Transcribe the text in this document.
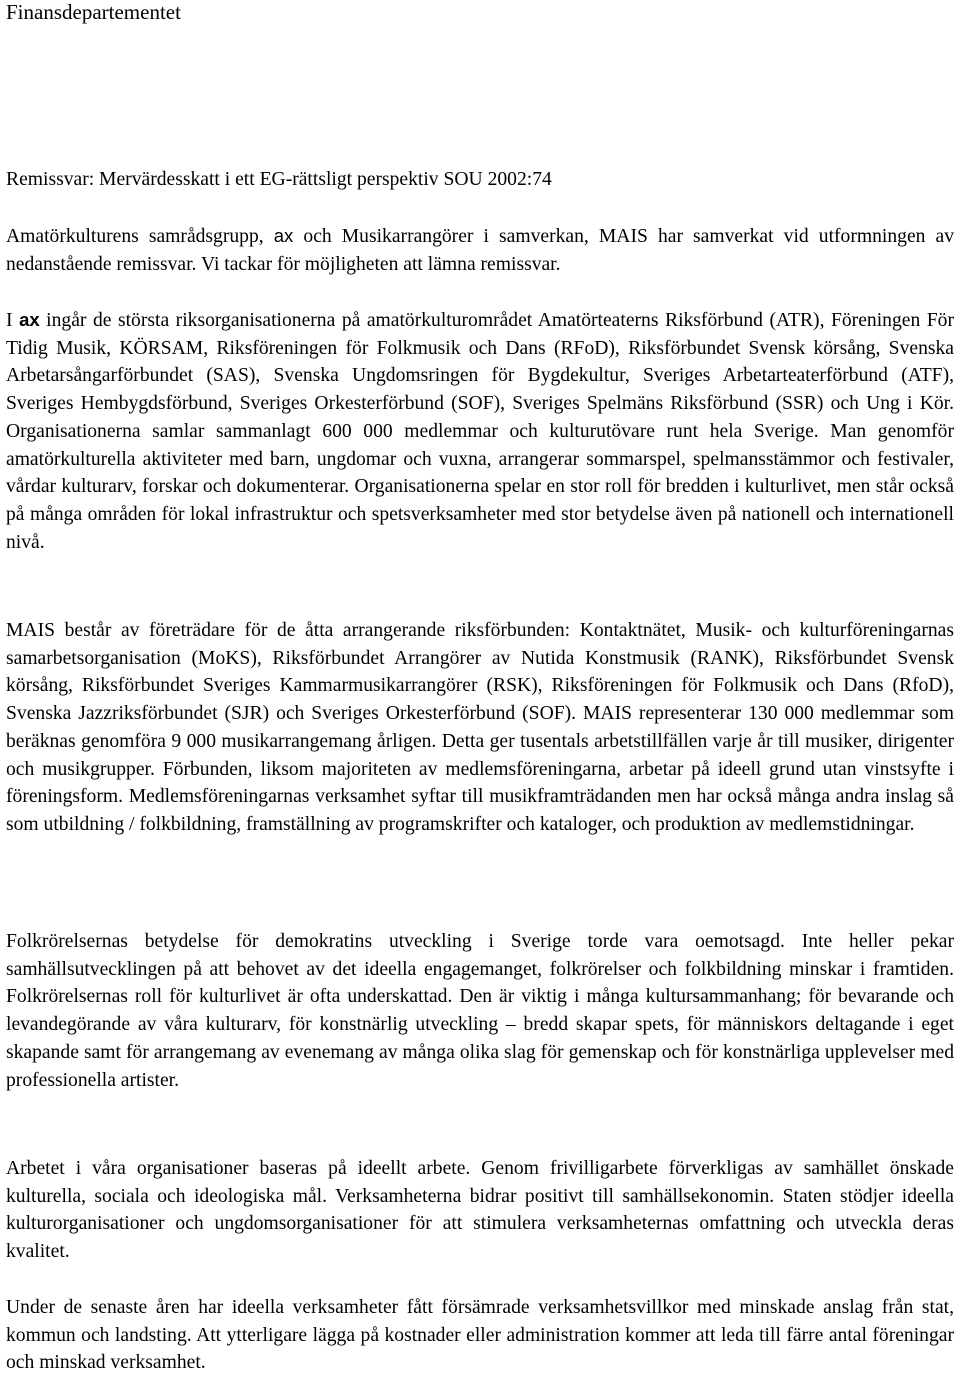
Finansdepartementet

Remissvar: Mervärdesskatt i ett EG-rättsligt perspektiv SOU 2002:74

Amatörkulturens samrådsgrupp, ax och Musikarrangörer i samverkan, MAIS har samverkat vid utformningen av nedanstående remissvar. Vi tackar för möjligheten att lämna remissvar.

I ax ingår de största riksorganisationerna på amatörkulturområdet Amatörteaterns Riksförbund (ATR), Föreningen För Tidig Musik, KÖRSAM, Riksföreningen för Folkmusik och Dans (RFoD), Riksförbundet Svensk körsång, Svenska Arbetarsångarförbundet (SAS), Svenska Ungdomsringen för Bygdekultur, Sveriges Arbetarteaterförbund (ATF), Sveriges Hembygdsförbund, Sveriges Orkesterförbund (SOF), Sveriges Spelmäns Riksförbund (SSR) och Ung i Kör. Organisationerna samlar sammanlagt 600 000 medlemmar och kulturutövare runt hela Sverige. Man genomför amatörkulturella aktiviteter med barn, ungdomar och vuxna, arrangerar sommarspel, spelmansstämmor och festivaler, vårdar kulturarv, forskar och dokumenterar. Organisationerna spelar en stor roll för bredden i kulturlivet, men står också på många områden för lokal infrastruktur och spetsverksamheter med stor betydelse även på nationell och internationell nivå.

MAIS består av företrädare för de åtta arrangerande riksförbunden: Kontaktnätet, Musik- och kulturföreningarnas samarbetsorganisation (MoKS), Riksförbundet Arrangörer av Nutida Konstmusik (RANK), Riksförbundet Svensk körsång, Riksförbundet Sveriges Kammarmusikarrangörer (RSK), Riksföreningen för Folkmusik och Dans (RfoD), Svenska Jazzriksförbundet (SJR) och Sveriges Orkesterförbund (SOF). MAIS representerar 130 000 medlemmar som beräknas genomföra 9 000 musikarrangemang årligen. Detta ger tusentals arbetstillfällen varje år till musiker, dirigenter och musikgrupper. Förbunden, liksom majoriteten av medlemsföreningarna, arbetar på ideell grund utan vinstsyfte i föreningsform. Medlemsföreningarnas verksamhet syftar till musikframträdanden men har också många andra inslag så som utbildning / folkbildning, framställning av programskrifter och kataloger, och produktion av medlemstidningar.

Folkrörelsernas betydelse för demokratins utveckling i Sverige torde vara oemotsagd. Inte heller pekar samhällsutvecklingen på att behovet av det ideella engagemanget, folkrörelser och folkbildning minskar i framtiden. Folkrörelsernas roll för kulturlivet är ofta underskattad. Den är viktig i många kultursammanhang; för bevarande och levandegörande av våra kulturarv, för konstnärlig utveckling – bredd skapar spets, för människors deltagande i eget skapande samt för arrangemang av evenemang av många olika slag för gemenskap och för konstnärliga upplevelser med professionella artister.

Arbetet i våra organisationer baseras på ideellt arbete. Genom frivilligarbete förverkligas av samhället önskade kulturella, sociala och ideologiska mål. Verksamheterna bidrar positivt till samhällsekonomin. Staten stödjer ideella kulturorganisationer och ungdomsorganisationer för att stimulera verksamheternas omfattning och utveckla deras kvalitet.

Under de senaste åren har ideella verksamheter fått försämrade verksamhetsvillkor med minskade anslag från stat, kommun och landsting. Att ytterligare lägga på kostnader eller administration kommer att leda till färre antal föreningar och minskad verksamhet.
